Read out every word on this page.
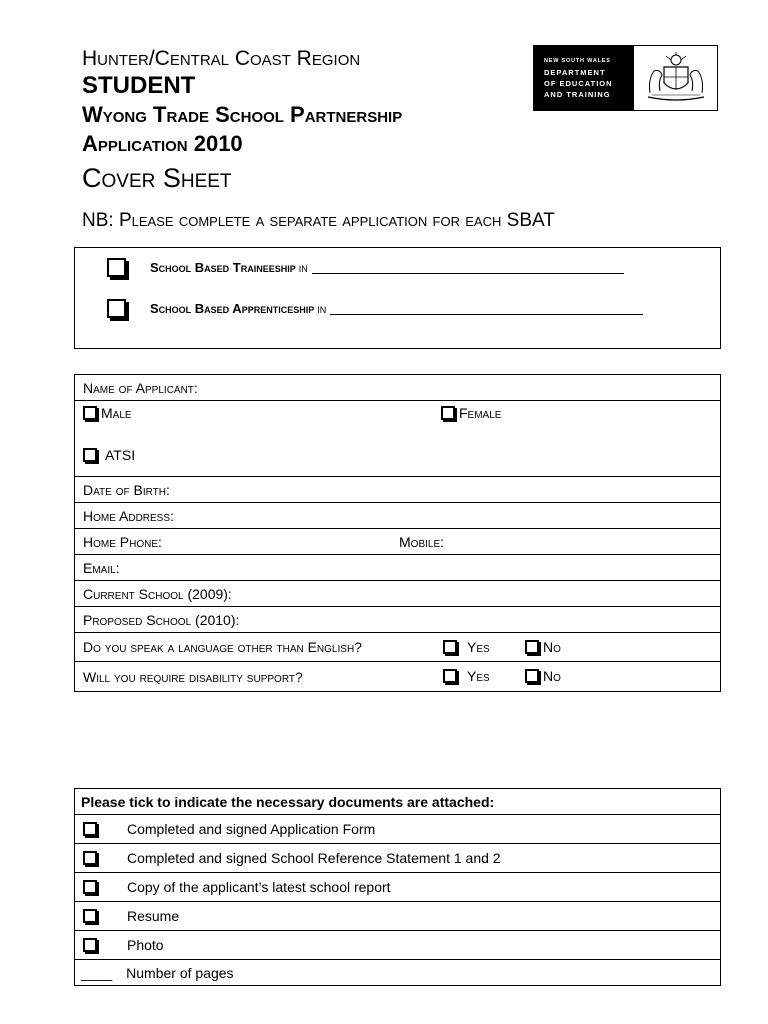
Hunter/Central Coast Region
STUDENT
Wyong Trade School Partnership
Application 2010
Cover Sheet
NB: Please complete a separate application for each SBAT
NEW SOUTH WALES
DEPARTMENT
OF EDUCATION
AND TRAINING
School Based Traineeship in
School Based Apprenticeship in
Name of Applicant:

Male	Female
ATSI

Date of Birth:
Home Address:
Home Phone:	Mobile:

Email:
Current School (2009):
Proposed School (2010):
Do you speak a language other than English?	Yes	No

Will you require disability support?	Yes	No
Please tick to indicate the necessary documents are attached:

Completed and signed Application Form

Completed and signed School Reference Statement 1 and 2

Copy of the applicant’s latest school report

Resume

Photo

____ Number of pages
